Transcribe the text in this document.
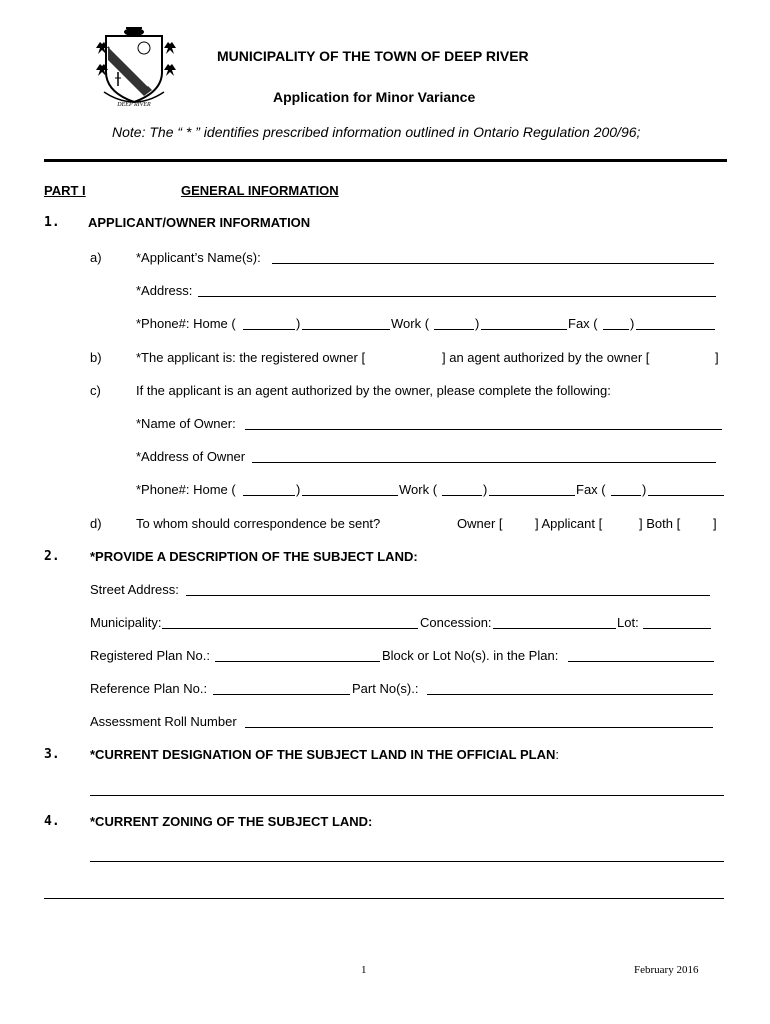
DEEP RIVER
MUNICIPALITY OF THE TOWN OF DEEP RIVER
Application for Minor Variance
Note: The “ * ” identifies prescribed information outlined in Ontario Regulation 200/96;
PART I	GENERAL INFORMATION
1. APPLICANT/OWNER INFORMATION
a)	*Applicant’s Name(s):
*Address:
*Phone#: Home (	)	Work (	)	Fax ( )
b)	*The applicant is: the registered owner [	] an agent authorized by the owner [	]
c)	If the applicant is an agent authorized by the owner, please complete the following:
*Name of Owner:
*Address of Owner
*Phone#: Home (	)	Work (	)	Fax (	)
d)	To whom should correspondence be sent?	Owner [ ] Applicant [	] Both [	]
2. *PROVIDE A DESCRIPTION OF THE SUBJECT LAND:
Street Address:
Municipality:	Concession:	Lot:
Registered Plan No.:	Block or Lot No(s). in the Plan:
Reference Plan No.:	Part No(s).:
Assessment Roll Number
3. *CURRENT DESIGNATION OF THE SUBJECT LAND IN THE OFFICIAL PLAN:
4. *CURRENT ZONING OF THE SUBJECT LAND:
1	February 2016
